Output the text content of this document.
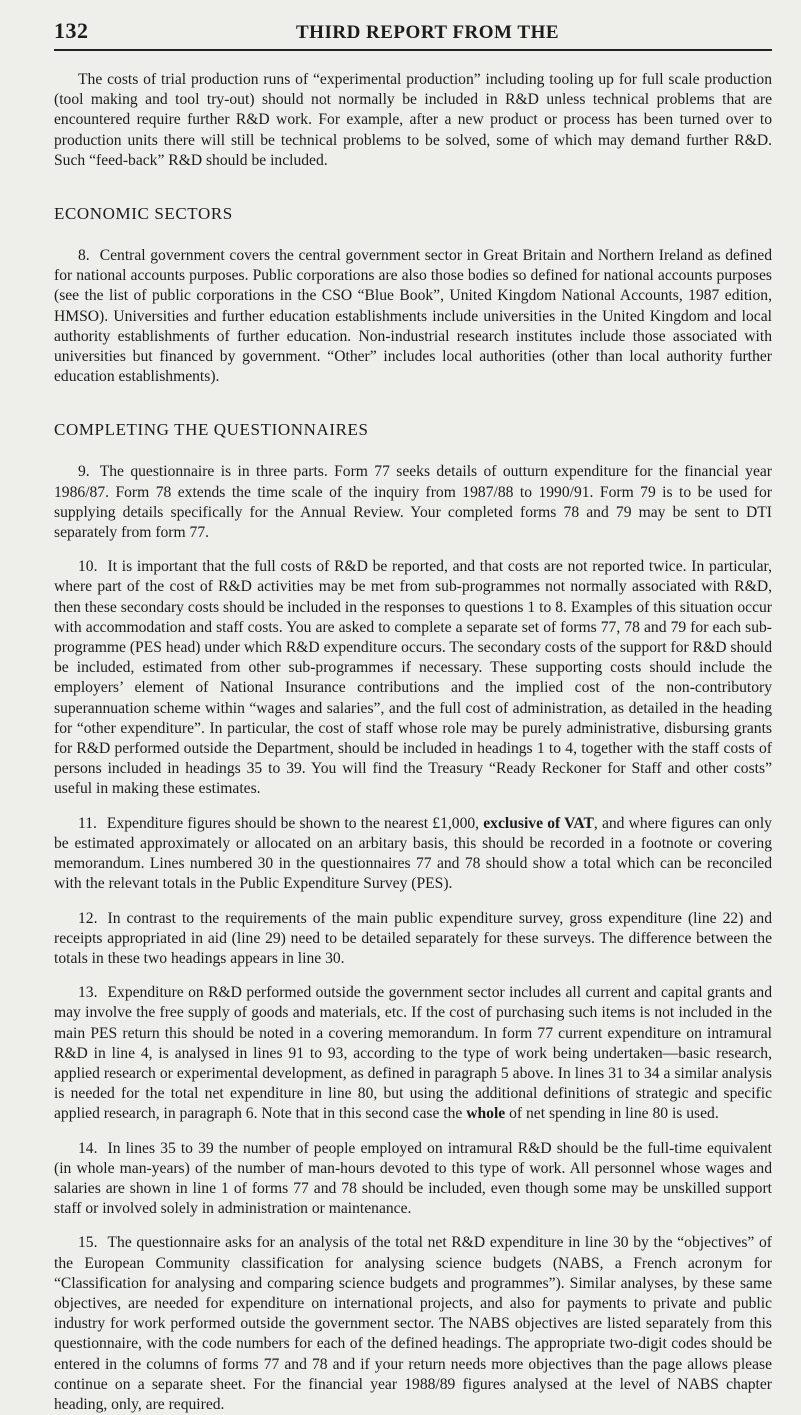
132	THIRD REPORT FROM THE

The costs of trial production runs of “experimental production” including tooling up for full scale production (tool making and tool try-out) should not normally be included in R&D unless technical problems that are encountered require further R&D work. For example, after a new product or process has been turned over to production units there will still be technical problems to be solved, some of which may demand further R&D. Such “feed-back” R&D should be included.

ECONOMIC SECTORS

8. Central government covers the central government sector in Great Britain and Northern Ireland as defined for national accounts purposes. Public corporations are also those bodies so defined for national accounts purposes (see the list of public corporations in the CSO “Blue Book”, United Kingdom National Accounts, 1987 edition, HMSO). Universities and further education establishments include universities in the United Kingdom and local authority establishments of further education. Non-industrial research institutes include those associated with universities but financed by government. “Other” includes local authorities (other than local authority further education establishments).

COMPLETING THE QUESTIONNAIRES

9. The questionnaire is in three parts. Form 77 seeks details of outturn expenditure for the financial year 1986/87. Form 78 extends the time scale of the inquiry from 1987/88 to 1990/91. Form 79 is to be used for supplying details specifically for the Annual Review. Your completed forms 78 and 79 may be sent to DTI separately from form 77.

10. It is important that the full costs of R&D be reported, and that costs are not reported twice. In particular, where part of the cost of R&D activities may be met from sub-programmes not normally associated with R&D, then these secondary costs should be included in the responses to questions 1 to 8. Examples of this situation occur with accommodation and staff costs. You are asked to complete a separate set of forms 77, 78 and 79 for each sub-programme (PES head) under which R&D expenditure occurs. The secondary costs of the support for R&D should be included, estimated from other sub-programmes if necessary. These supporting costs should include the employers’ element of National Insurance contributions and the implied cost of the non-contributory superannuation scheme within “wages and salaries”, and the full cost of administration, as detailed in the heading for “other expenditure”. In particular, the cost of staff whose role may be purely administrative, disbursing grants for R&D performed outside the Department, should be included in headings 1 to 4, together with the staff costs of persons included in headings 35 to 39. You will find the Treasury “Ready Reckoner for Staff and other costs” useful in making these estimates.

11. Expenditure figures should be shown to the nearest £1,000, exclusive of VAT, and where figures can only be estimated approximately or allocated on an arbitary basis, this should be recorded in a footnote or covering memorandum. Lines numbered 30 in the questionnaires 77 and 78 should show a total which can be reconciled with the relevant totals in the Public Expenditure Survey (PES).

12. In contrast to the requirements of the main public expenditure survey, gross expenditure (line 22) and receipts appropriated in aid (line 29) need to be detailed separately for these surveys. The difference between the totals in these two headings appears in line 30.

13. Expenditure on R&D performed outside the government sector includes all current and capital grants and may involve the free supply of goods and materials, etc. If the cost of purchasing such items is not included in the main PES return this should be noted in a covering memorandum. In form 77 current expenditure on intramural R&D in line 4, is analysed in lines 91 to 93, according to the type of work being undertaken—basic research, applied research or experimental development, as defined in paragraph 5 above. In lines 31 to 34 a similar analysis is needed for the total net expenditure in line 80, but using the additional definitions of strategic and specific applied research, in paragraph 6. Note that in this second case the whole of net spending in line 80 is used.

14. In lines 35 to 39 the number of people employed on intramural R&D should be the full-time equivalent (in whole man-years) of the number of man-hours devoted to this type of work. All personnel whose wages and salaries are shown in line 1 of forms 77 and 78 should be included, even though some may be unskilled support staff or involved solely in administration or maintenance.

15. The questionnaire asks for an analysis of the total net R&D expenditure in line 30 by the “objectives” of the European Community classification for analysing science budgets (NABS, a French acronym for “Classification for analysing and comparing science budgets and programmes”). Similar analyses, by these same objectives, are needed for expenditure on international projects, and also for payments to private and public industry for work performed outside the government sector. The NABS objectives are listed separately from this questionnaire, with the code numbers for each of the defined headings. The appropriate two-digit codes should be entered in the columns of forms 77 and 78 and if your return needs more objectives than the page allows please continue on a separate sheet. For the financial year 1988/89 figures analysed at the level of NABS chapter heading, only, are required.
